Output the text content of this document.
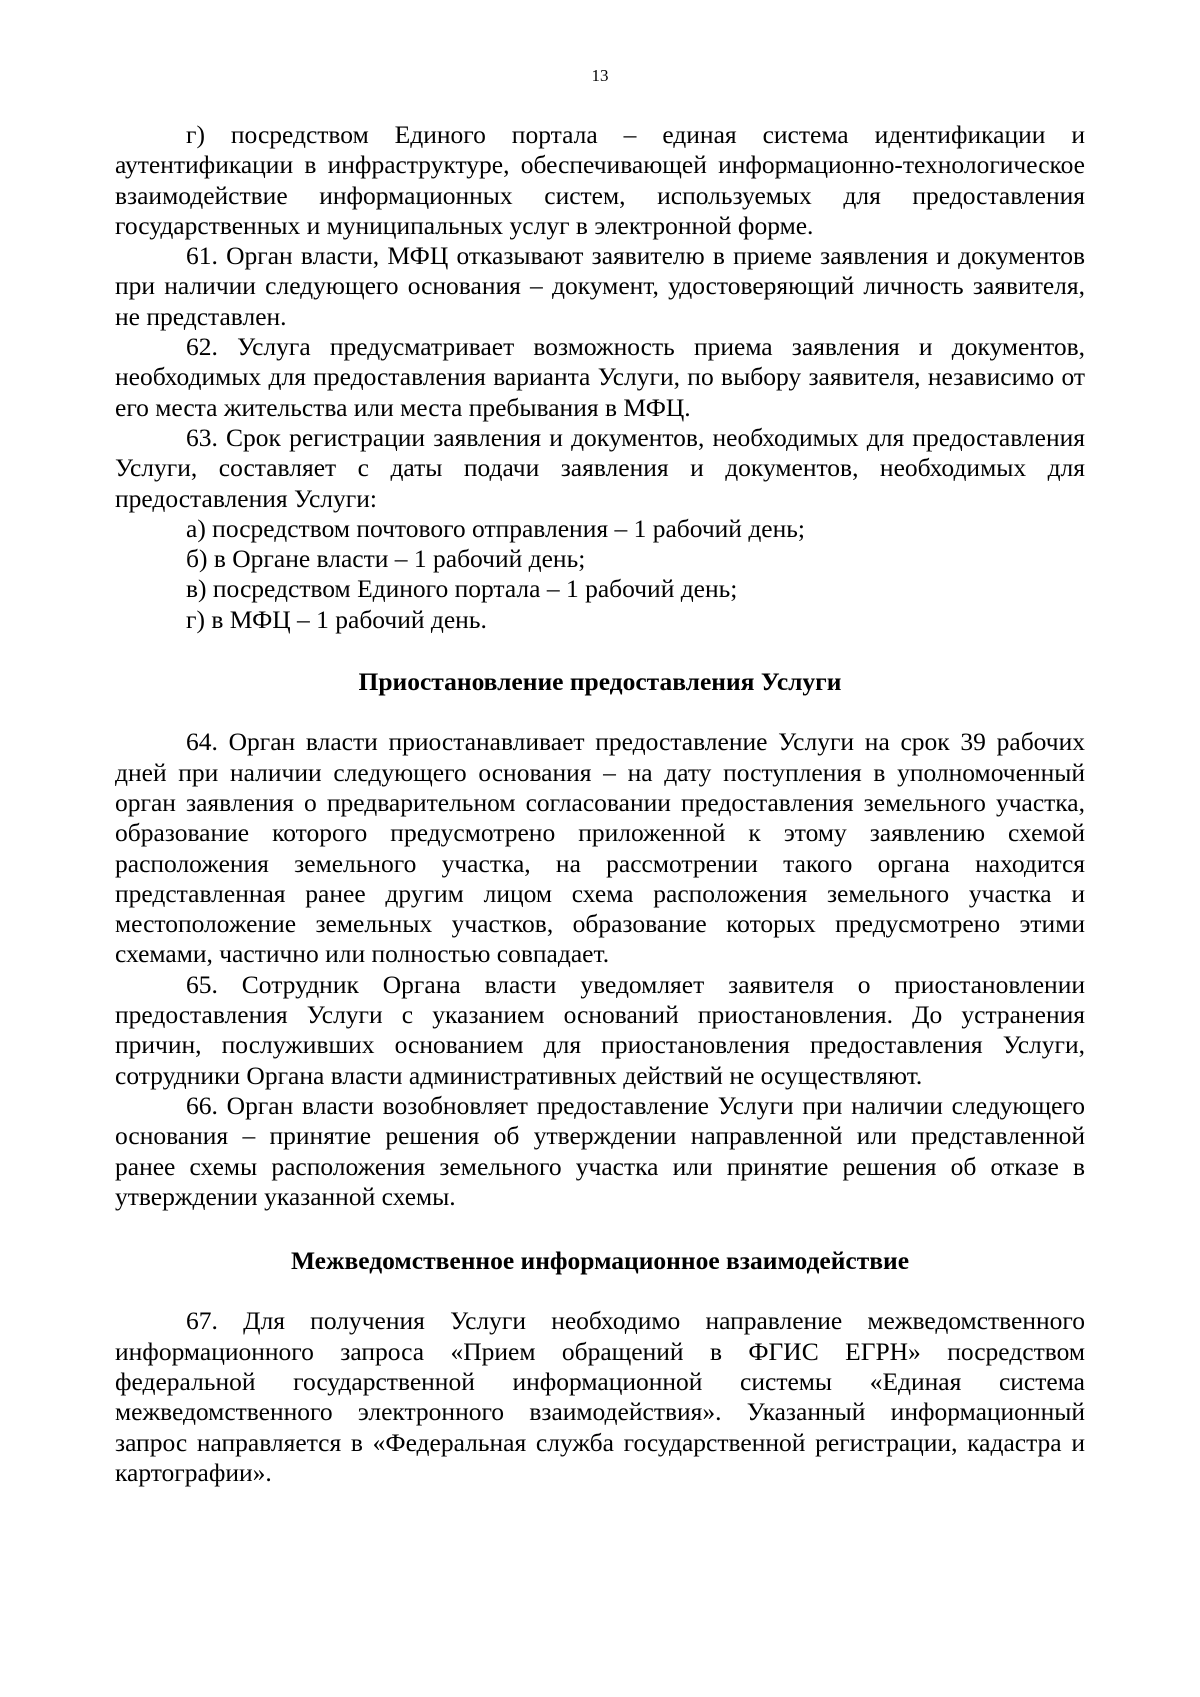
13

г) посредством Единого портала – единая система идентификации и аутентификации в инфраструктуре, обеспечивающей информационно-технологическое взаимодействие информационных систем, используемых для предоставления государственных и муниципальных услуг в электронной форме.

61. Орган власти, МФЦ отказывают заявителю в приеме заявления и документов при наличии следующего основания – документ, удостоверяющий личность заявителя, не представлен.

62. Услуга предусматривает возможность приема заявления и документов, необходимых для предоставления варианта Услуги, по выбору заявителя, независимо от его места жительства или места пребывания в МФЦ.

63. Срок регистрации заявления и документов, необходимых для предоставления Услуги, составляет с даты подачи заявления и документов, необходимых для предоставления Услуги:

а) посредством почтового отправления – 1 рабочий день;

б) в Органе власти – 1 рабочий день;

в) посредством Единого портала – 1 рабочий день;

г) в МФЦ – 1 рабочий день.

Приостановление предоставления Услуги

64. Орган власти приостанавливает предоставление Услуги на срок 39 рабочих дней при наличии следующего основания – на дату поступления в уполномоченный орган заявления о предварительном согласовании предоставления земельного участка, образование которого предусмотрено приложенной к этому заявлению схемой расположения земельного участка, на рассмотрении такого органа находится представленная ранее другим лицом схема расположения земельного участка и местоположение земельных участков, образование которых предусмотрено этими схемами, частично или полностью совпадает.

65. Сотрудник Органа власти уведомляет заявителя о приостановлении предоставления Услуги с указанием оснований приостановления. До устранения причин, послуживших основанием для приостановления предоставления Услуги, сотрудники Органа власти административных действий не осуществляют.

66. Орган власти возобновляет предоставление Услуги при наличии следующего основания – принятие решения об утверждении направленной или представленной ранее схемы расположения земельного участка или принятие решения об отказе в утверждении указанной схемы.

Межведомственное информационное взаимодействие

67. Для получения Услуги необходимо направление межведомственного информационного запроса «Прием обращений в ФГИС ЕГРН» посредством федеральной государственной информационной системы «Единая система межведомственного электронного взаимодействия». Указанный информационный запрос направляется в «Федеральная служба государственной регистрации, кадастра и картографии».
